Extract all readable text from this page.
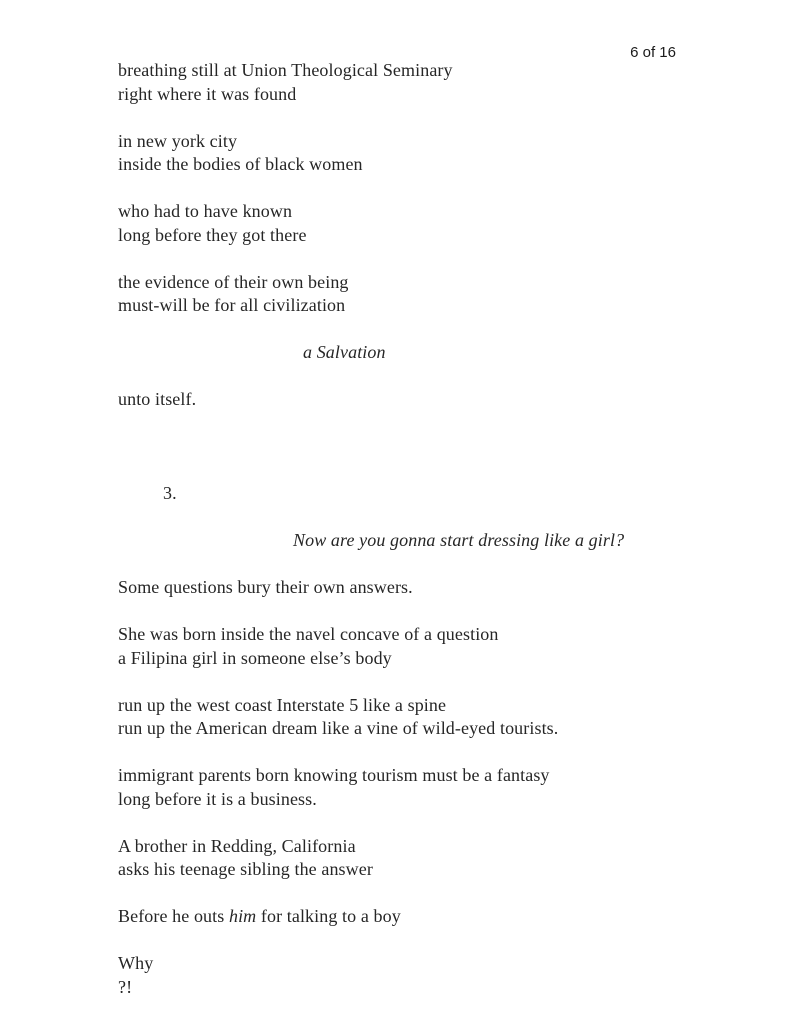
6 of 16
breathing still at Union Theological Seminary
right where it was found
in new york city
inside the bodies of black women
who had to have known
long before they got there
the evidence of their own being
must-will be for all civilization
a Salvation
unto itself.
3.
Now are you gonna start dressing like a girl?
Some questions bury their own answers.
She was born inside the navel concave of a question
a Filipina girl in someone else’s body
run up the west coast Interstate 5 like a spine
run up the American dream like a vine of wild-eyed tourists.
immigrant parents born knowing tourism must be a fantasy
long before it is a business.
A brother in Redding, California
asks his teenage sibling the answer
Before he outs him for talking to a boy
Why
?!
